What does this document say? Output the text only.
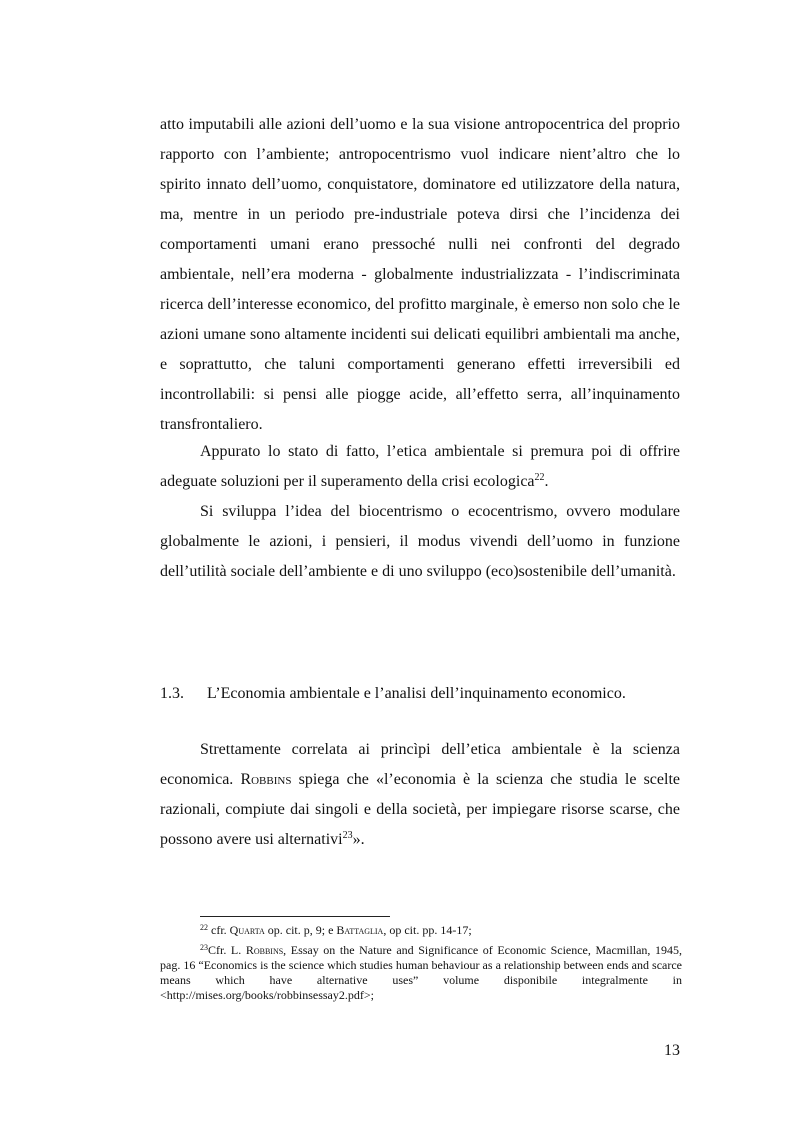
atto imputabili alle azioni dell’uomo e la sua visione antropocentrica del proprio rapporto con l’ambiente; antropocentrismo vuol indicare nient’altro che lo spirito innato dell’uomo, conquistatore, dominatore ed utilizzatore della natura, ma, mentre in un periodo pre-industriale poteva dirsi che l’incidenza dei comportamenti umani erano pressoché nulli nei confronti del degrado ambientale, nell’era moderna - globalmente industrializzata - l’indiscriminata ricerca dell’interesse economico, del profitto marginale, è emerso non solo che le azioni umane sono altamente incidenti sui delicati equilibri ambientali ma anche, e soprattutto, che taluni comportamenti generano effetti irreversibili ed incontrollabili: si pensi alle piogge acide, all’effetto serra, all’inquinamento transfrontaliero.

Appurato lo stato di fatto, l’etica ambientale si premura poi di offrire adeguate soluzioni per il superamento della crisi ecologica$^{22}$.

Si sviluppa l’idea del biocentrismo o ecocentrismo, ovvero modulare globalmente le azioni, i pensieri, il modus vivendi dell’uomo in funzione dell’utilità sociale dell’ambiente e di uno sviluppo (eco)sostenibile dell’umanità.

1.3. L’Economia ambientale e l’analisi dell’inquinamento economico.

Strettamente correlata ai princìpi dell’etica ambientale è la scienza economica. Robbins spiega che «l’economia è la scienza che studia le scelte razionali, compiute dai singoli e della società, per impiegare risorse scarse, che possono avere usi alternativi$^{23}$».

$^{22}$ cfr. Quarta op. cit. p, 9; e Battaglia, op cit. pp. 14-17;

$^{23}$Cfr. L. Robbins, Essay on the Nature and Significance of Economic Science, Macmillan, 1945, pag. 16 “Economics is the science which studies human behaviour as a relationship between ends and scarce means which have alternative uses” volume disponibile integralmente in <http://mises.org/books/robbinsessay2.pdf>;

13
